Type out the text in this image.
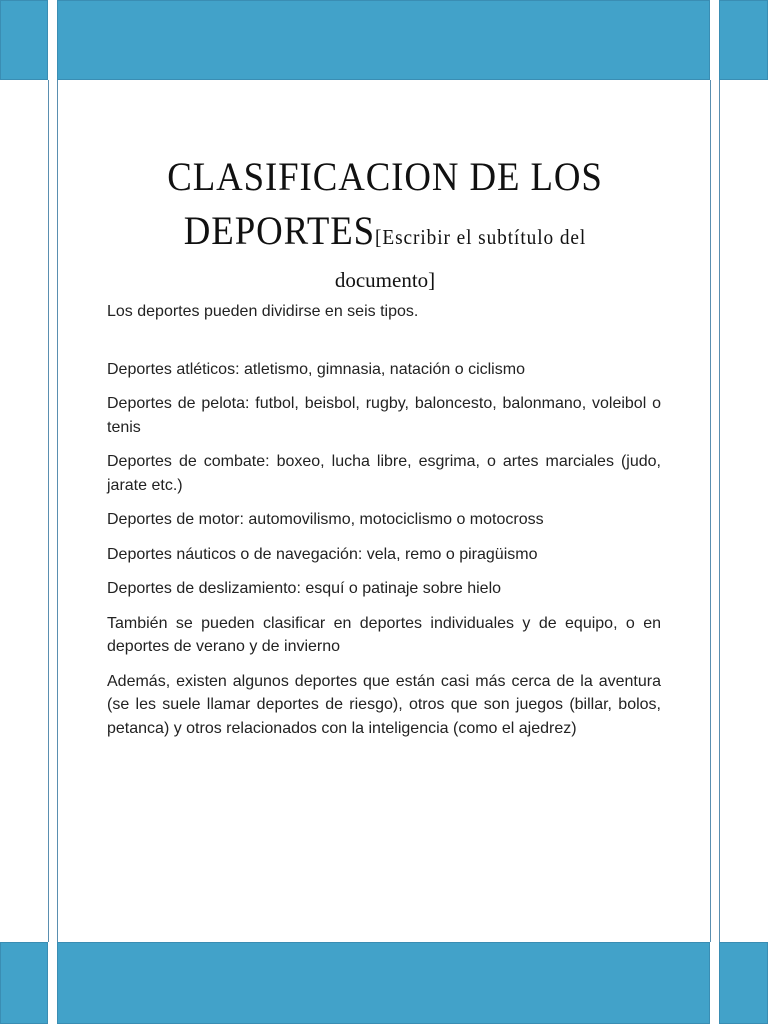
CLASIFICACION DE LOS
DEPORTES[Escribir el subtítulo del
documento]

Los deportes pueden dividirse en seis tipos.

Deportes atléticos: atletismo, gimnasia, natación o ciclismo

Deportes de pelota: futbol, beisbol, rugby, baloncesto, balonmano, voleibol o tenis

Deportes de combate: boxeo, lucha libre, esgrima, o artes marciales (judo, jarate etc.)

Deportes de motor: automovilismo, motociclismo o motocross

Deportes náuticos o de navegación: vela, remo o piragüismo

Deportes de deslizamiento: esquí o patinaje sobre hielo

También se pueden clasificar en deportes individuales y de equipo, o en deportes de verano y de invierno

Además, existen algunos deportes que están casi más cerca de la aventura (se les suele llamar deportes de riesgo), otros que son juegos (billar, bolos, petanca) y otros relacionados con la inteligencia (como el ajedrez)
